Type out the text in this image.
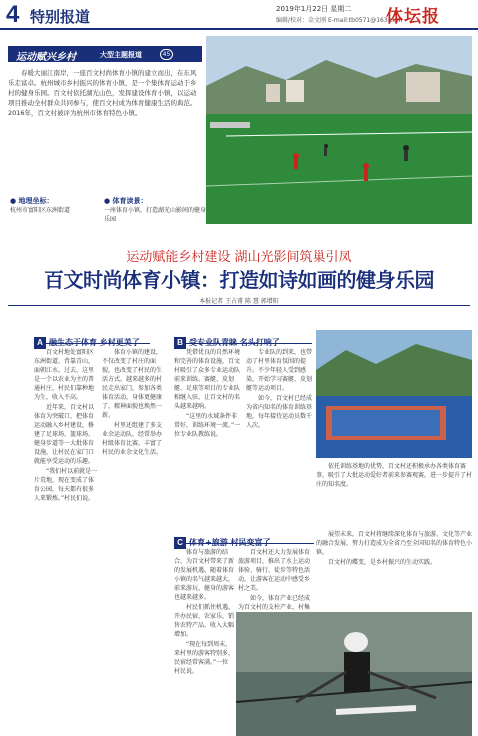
4 特别报道	2019年1月22日 星期二
编辑/校对：金文刚 E-mail:tb0571@163.com
体坛报
运动赋兴乡村	大型主题报道	45

春暖大丽江南岸，一座百文村尚体育小镇的建立而出，在东风乐走富卓。杭州城市乡村振兴的体育小镇，是一个集体育运动于乡村的健身乐园。百文村依托湖光山色，发挥建设体育小镇，以运动项目推动全村群众共同参与，使百文村成为体育健康生活的典范。2016年，百文村被评为杭州市体育特色小镇。

● 地理坐标：
杭州市富阳区东洲街道
● 体育读景：
一座体育小镇，打造湖光山影间的健身乐园
运动赋能乡村建设 湖山光影间筑巢引凤
百文时尚体育小镇：打造如诗如画的健身乐园
本报记者 王占甫 陈 慧 郭增阳
A 融生态于体育 乡村更美了	B 受专业队青睐 名头打响了
C 体育+旅游 村民变富了

百文村地处富阳区东洲街道，背靠青山，面朝江水。过去，这里是一个以农业为主的普通村庄，村民们靠种地为生，收入不高。

近年来，百文村以体育为突破口，把体育运动融入乡村建设，修建了足球场、篮球场、健身步道等一大批体育设施，让村民在家门口就能享受运动的乐趣。

“我们村以前就是一片荒地，现在变成了体育公园，每天都有很多人来锻炼。”村民们说。

体育小镇的建设，不仅改变了村庄的面貌，也改变了村民的生活方式。越来越多的村民走出家门，参加各类体育活动，身体更健康了，精神面貌也焕然一新。

村里还组建了多支业余运动队，经常举办村级体育比赛，丰富了村民的业余文化生活。

凭借优良的自然环境和完善的体育设施，百文村吸引了众多专业运动队前来训练。赛艇、皮划艇、足球等项目的专业队相继入驻，让百文村的名头越来越响。

“这里的水域条件非常好，训练环境一流。”一位专业队教练说。

专业队的到来，也带动了村里体育氛围的提升。不少年轻人受到感染，开始学习赛艇、皮划艇等运动项目。

如今，百文村已经成为省内知名的体育训练基地，每年接待运动员数千人次。

依托训练基地的优势，百文村还积极承办各类体育赛事，吸引了大批运动爱好者前来参赛观赛，进一步提升了村庄的知名度。

体育与旅游的结合，为百文村带来了新的发展机遇。随着体育小镇的名气越来越大，前来游玩、健身的游客也越来越多。

村民们抓住机遇，开办民宿、农家乐，销售农特产品，收入大幅增加。

“现在每到周末，来村里的游客特别多，民宿经常客满。”一位村民说。

百文村还大力发展体育旅游项目，推出了水上运动体验、骑行、徒步等特色活动，让游客在运动中感受乡村之美。

如今，体育产业已经成为百文村的支柱产业，村集

展望未来，百文村将继续深化体育与旅游、文化等产业的融合发展，努力打造成为全省乃至全国知名的体育特色小镇。

百文村的蝶变，是乡村振兴的生动实践。
